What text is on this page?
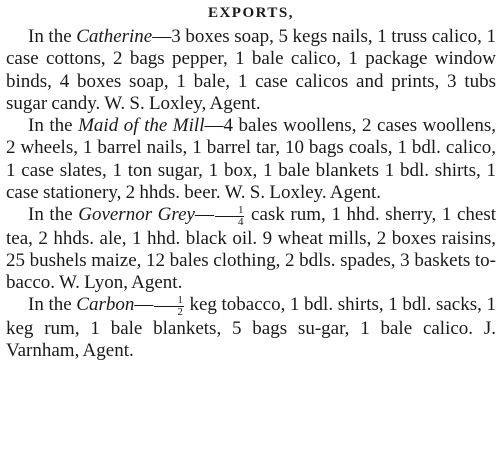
EXPORTS,

In the Catherine—3 boxes soap, 5 kegs nails, 1 truss calico, 1 case cottons, 2 bags pepper, 1 bale calico, 1 package window binds, 4 boxes soap, 1 bale, 1 case calicos and prints, 3 tubs sugar candy. W. S. Loxley, Agent.

In the Maid of the Mill—4 bales woollens, 2 cases woollens, 2 wheels, 1 barrel nails, 1 barrel tar, 10 bags coals, 1 bdl. calico, 1 case slates, 1 ton sugar, 1 box, 1 bale blankets 1 bdl. shirts, 1 case stationery, 2 hhds. beer. W. S. Loxley. Agent.

In the Governor Grey— $\frac{1}{4}$ cask rum, 1 hhd. sherry, 1 chest tea, 2 hhds. ale, 1 hhd. black oil. 9 wheat mills, 2 boxes raisins, 25 bushels maize, 12 bales clothing, 2 bdls. spades, 3 baskets to-bacco. W. Lyon, Agent.

In the Carbon— $\frac{1}{2}$ keg tobacco, 1 bdl. shirts, 1 bdl. sacks, 1 keg rum, 1 bale blankets, 5 bags su-gar, 1 bale calico. J. Varnham, Agent.
